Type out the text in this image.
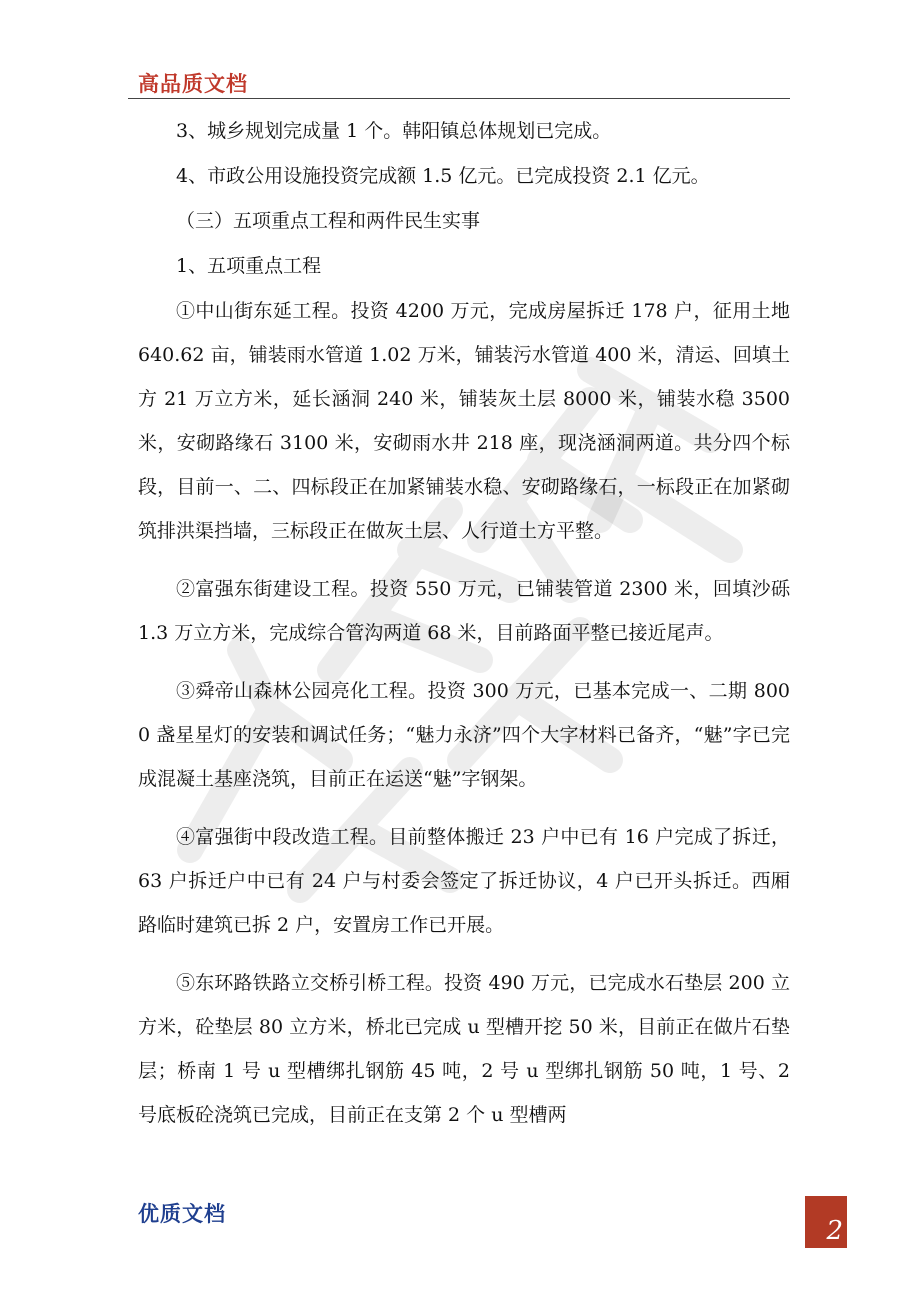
高品质文档

3、城乡规划完成量 1 个。韩阳镇总体规划已完成。

4、市政公用设施投资完成额 1.5 亿元。已完成投资 2.1 亿元。

（三）五项重点工程和两件民生实事

1、五项重点工程

①中山街东延工程。投资 4200 万元，完成房屋拆迁 178 户，征用土地 640.62 亩，铺装雨水管道 1.02 万米，铺装污水管道 400 米，清运、回填土方 21 万立方米，延长涵洞 240 米，铺装灰土层 8000 米，铺装水稳 3500 米，安砌路缘石 3100 米，安砌雨水井 218 座，现浇涵洞两道。共分四个标段，目前一、二、四标段正在加紧铺装水稳、安砌路缘石，一标段正在加紧砌筑排洪渠挡墙，三标段正在做灰土层、人行道土方平整。

②富强东街建设工程。投资 550 万元，已铺装管道 2300 米，回填沙砾 1.3 万立方米，完成综合管沟两道 68 米，目前路面平整已接近尾声。

③舜帝山森林公园亮化工程。投资 300 万元，已基本完成一、二期 8000 盏星星灯的安装和调试任务；“魅力永济”四个大字材料已备齐，“魅”字已完成混凝土基座浇筑，目前正在运送“魅”字钢架。

④富强街中段改造工程。目前整体搬迁 23 户中已有 16 户完成了拆迁，63 户拆迁户中已有 24 户与村委会签定了拆迁协议，4 户已开头拆迁。西厢路临时建筑已拆 2 户，安置房工作已开展。

⑤东环路铁路立交桥引桥工程。投资 490 万元，已完成水石垫层 200 立方米，砼垫层 80 立方米，桥北已完成 u 型槽开挖 50 米，目前正在做片石垫层；桥南 1 号 u 型槽绑扎钢筋 45 吨，2 号 u 型绑扎钢筋 50 吨，1 号、2 号底板砼浇筑已完成，目前正在支第 2 个 u 型槽两

优质文档
2
